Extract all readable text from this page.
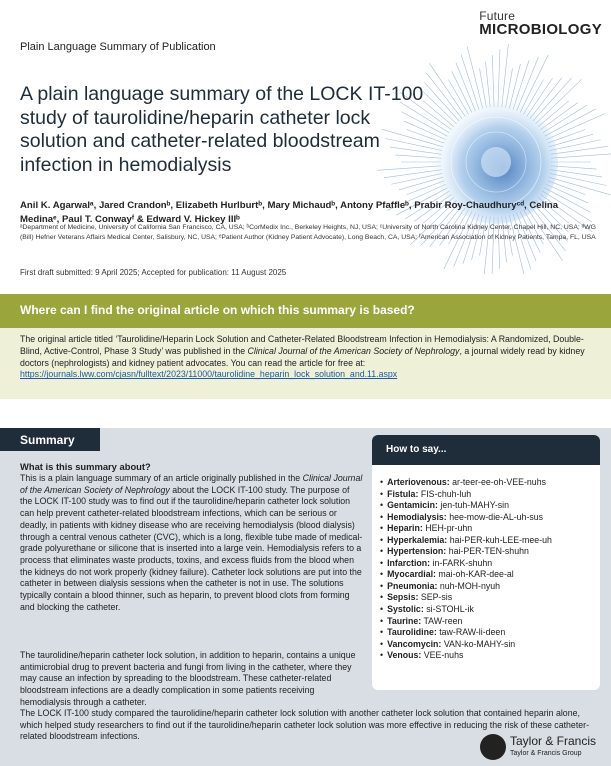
Plain Language Summary of Publication
Future
MICROBIOLOGY
A plain language summary of the LOCK IT-100 study of taurolidine/heparin catheter lock solution and catheter-related bloodstream infection in hemodialysis
Anil K. Agarwalᵃ, Jared Crandonᵇ, Elizabeth Hurlburtᵇ, Mary Michaudᵇ, Antony Pfaffleᵇ, Prabir Roy-Chaudhuryᶜᵈ, Celina Medinaᵉ, Paul T. Conwayᶠ & Edward V. Hickey IIIᵇ
ᵃDepartment of Medicine, University of California San Francisco, CA, USA; ᵇCorMedix Inc., Berkeley Heights, NJ, USA; ᶜUniversity of North Carolina Kidney Center, Chapel Hill, NC, USA; ᵈWG (Bill) Hefner Veterans Affairs Medical Center, Salisbury, NC, USA; ᵉPatient Author (Kidney Patient Advocate), Long Beach, CA, USA; ᶠAmerican Association of Kidney Patients, Tampa, FL, USA
First draft submitted: 9 April 2025; Accepted for publication: 11 August 2025
Where can I find the original article on which this summary is based?
The original article titled ‘Taurolidine/Heparin Lock Solution and Catheter-Related Bloodstream Infection in Hemodialysis: A Randomized, Double-Blind, Active-Control, Phase 3 Study’ was published in the Clinical Journal of the American Society of Nephrology, a journal widely read by kidney doctors (nephrologists) and kidney patient advocates. You can read the article for free at:
https://journals.lww.com/cjasn/fulltext/2023/11000/taurolidine_heparin_lock_solution_and.11.aspx
Summary
What is this summary about?
This is a plain language summary of an article originally published in the Clinical Journal of the American Society of Nephrology about the LOCK IT-100 study. The purpose of the LOCK IT-100 study was to find out if the taurolidine/heparin catheter lock solution can help prevent catheter-related bloodstream infections, which can be serious or deadly, in patients with kidney disease who are receiving hemodialysis (blood dialysis) through a central venous catheter (CVC), which is a long, flexible tube made of medical-grade polyurethane or silicone that is inserted into a large vein. Hemodialysis refers to a process that eliminates waste products, toxins, and excess fluids from the blood when the kidneys do not work properly (kidney failure). Catheter lock solutions are put into the catheter in between dialysis sessions when the catheter is not in use. The solutions typically contain a blood thinner, such as heparin, to prevent blood clots from forming and blocking the catheter.
The taurolidine/heparin catheter lock solution, in addition to heparin, contains a unique antimicrobial drug to prevent bacteria and fungi from living in the catheter, where they may cause an infection by spreading to the bloodstream. These catheter-related bloodstream infections are a deadly complication in some patients receiving hemodialysis through a catheter.
The LOCK IT-100 study compared the taurolidine/heparin catheter lock solution with another catheter lock solution that contained heparin alone, which helped study researchers to find out if the taurolidine/heparin catheter lock solution was more effective in reducing the risk of these catheter-related bloodstream infections.
How to say...
• Arteriovenous: ar-teer-ee-oh-VEE-nuhs
• Fistula: FIS-chuh-luh
• Gentamicin: jen-tuh-MAHY-sin
• Hemodialysis: hee-mow-die-AL-uh-sus
• Heparin: HEH-pr-uhn
• Hyperkalemia: hai-PER-kuh-LEE-mee-uh
• Hypertension: hai-PER-TEN-shuhn
• Infarction: in-FARK-shuhn
• Myocardial: mai-oh-KAR-dee-al
• Pneumonia: nuh-MOH-nyuh
• Sepsis: SEP-sis
• Systolic: si-STOHL-ik
• Taurine: TAW-reen
• Taurolidine: taw-RAW-li-deen
• Vancomycin: VAN-ko-MAHY-sin
• Venous: VEE-nuhs
Taylor & Francis
Taylor & Francis Group
